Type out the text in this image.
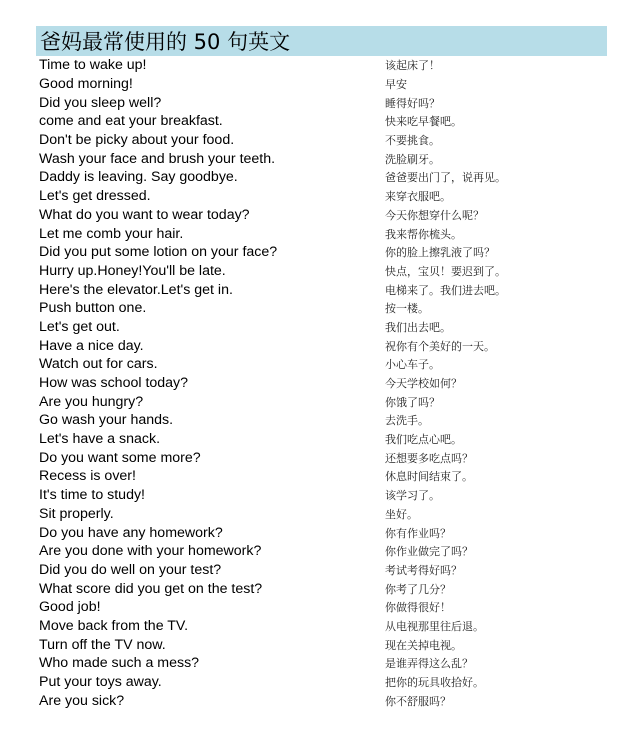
爸妈最常使用的 50 句英文
Time to wake up!	该起床了！
Good morning!	早安
Did you sleep well?	睡得好吗？
come and eat your breakfast.	快来吃早餐吧。
Don't be picky about your food.	不要挑食。
Wash your face and brush your teeth.	洗脸刷牙。
Daddy is leaving. Say goodbye.	爸爸要出门了，说再见。
Let's get dressed.	来穿衣服吧。
What do you want to wear today?	今天你想穿什么呢？
Let me comb your hair.	我来帮你梳头。
Did you put some lotion on your face?	你的脸上擦乳液了吗？
Hurry up.Honey!You'll be late.	快点，宝贝！要迟到了。
Here's the elevator.Let's get in.	电梯来了。我们进去吧。
Push button one.	按一楼。
Let's get out.	我们出去吧。
Have a nice day.	祝你有个美好的一天。
Watch out for cars.	小心车子。
How was school today?	今天学校如何？
Are you hungry?	你饿了吗？
Go wash your hands.	去洗手。
Let's have a snack.	我们吃点心吧。
Do you want some more?	还想要多吃点吗？
Recess is over!	休息时间结束了。
It's time to study!	该学习了。
Sit properly.	坐好。
Do you have any homework?	你有作业吗？
Are you done with your homework?	你作业做完了吗？
Did you do well on your test?	考试考得好吗？
What score did you get on the test?	你考了几分？
Good job!	你做得很好！
Move back from the TV.	从电视那里往后退。
Turn off the TV now.	现在关掉电视。
Who made such a mess?	是谁弄得这么乱？
Put your toys away.	把你的玩具收拾好。
Are you sick?	你不舒服吗？
